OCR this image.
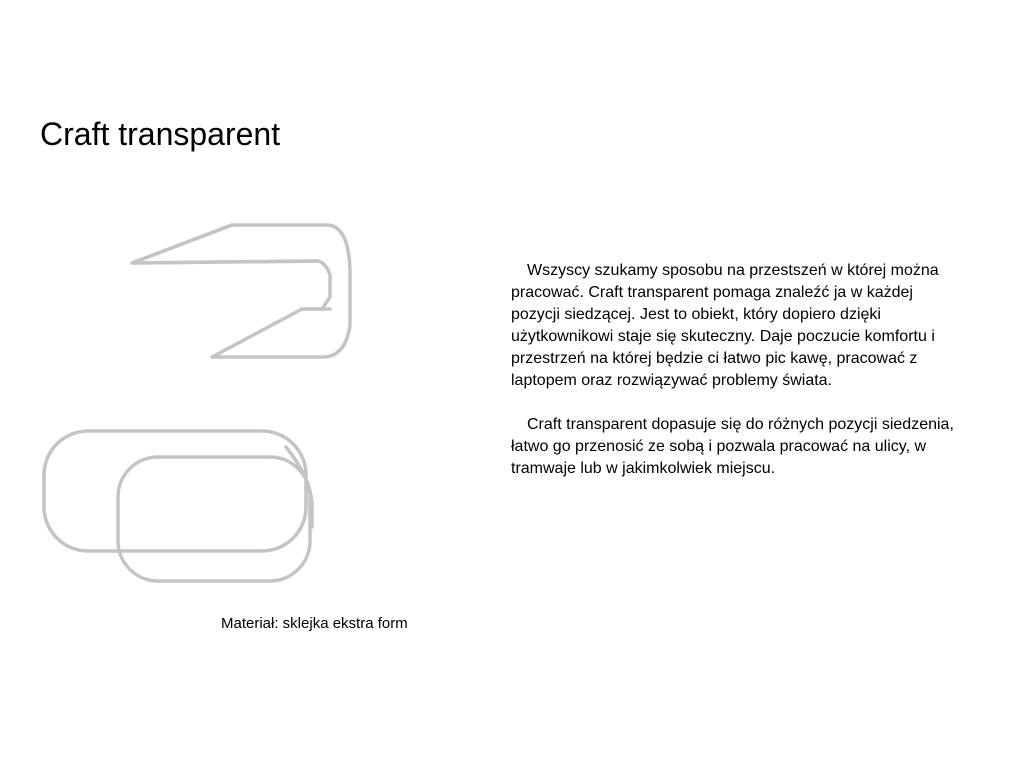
Craft transparent

Wszyscy szukamy sposobu na przestszeń w której można pracować. Craft transparent pomaga znaleźć ja w każdej pozycji siedzącej. Jest to obiekt, który dopiero dzięki użytkownikowi staje się skuteczny. Daje poczucie komfortu i przestrzeń na której będzie ci łatwo pic kawę, pracować z laptopem oraz rozwiązywać problemy świata.

Craft transparent dopasuje się do różnych pozycji siedzenia, łatwo go przenosić ze sobą i pozwala pracować na ulicy, w tramwaje lub w jakimkolwiek miejscu.

Materiał: sklejka ekstra form
